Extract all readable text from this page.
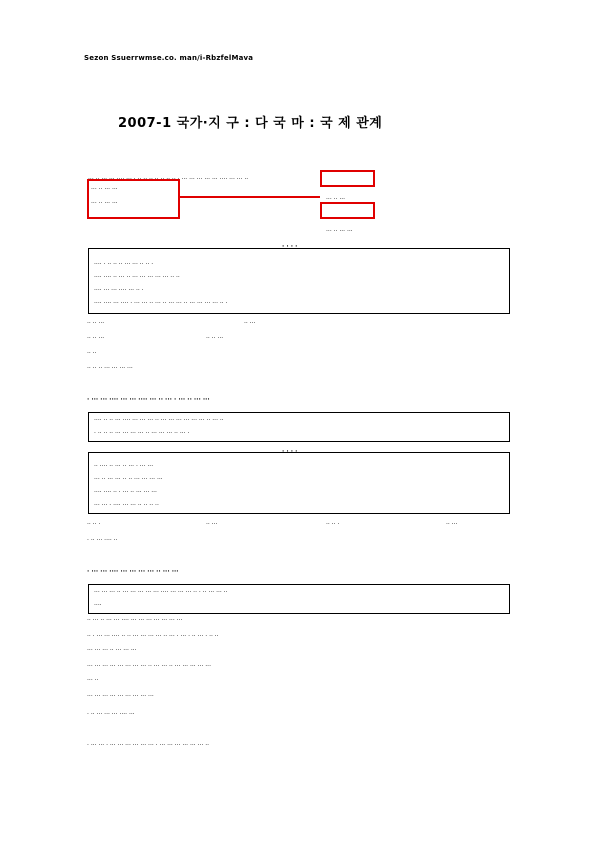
Sezon Ssuerrwmse.co. man/i-RbzfelMava
2007-1 국가·지 구 : 다 국 마 : 국 제 관계
··· ·· ··· ··· ···· ··· · ·· ·· ·· ·· ·· ·· ·· · ··· ··· ··· ··· ··· ···· ··· ··· ··
··· ·· ··· ···
··· ·· ··· ···
··· ·· ···
··· ·· ··· ···
· · · ·
···· · ·· ·· ·· ··· ··· ·· ·· ·
···· ···· ·· ··· ·· ··· ··· ··· ··· ··· ·· ··
···· ··· ··· ···· ··· ·· ·
···· ···· ··· ···· · ··· ··· ·· ··· ·· ··· ··· ·· ··· ··· ··· ··· ·· ·
·· ·· ···	·· ···
·· ·· ···	·· ·· ···
·· ··
·· ·· ·· ··· ··· ··· ···
· ··· ··· ···· ··· ··· ···· ··· ·· ··· · ··· ·· ··· ···
···· ·· ·· ··· ···· ··· ··· ··· ·· ··· ··· ··· ··· ··· ··· ·· ··· ··
· ·· ·· ·· ··· ··· ··· ··· ·· ··· ··· ··· ·· ··· ·
· · · ·
·· ···· ·· ··· ·· ··· · ··· ···
··· ·· ··· ··· ·· ·· ··· ··· ··· ···
···· ···· ·· · ··· ·· ··· ··· ···
··· ··· · ···· ··· ··· ·· ·· ·· ··
·· ·· ·	·· ···	·· ·· ·	·· ···
· ·· ··· ···· ··
· ··· ··· ···· ··· ··· ··· ··· ·· ··· ···
··· ··· ··· ·· ··· ··· ··· ··· ··· ···· ··· ··· ··· ·· · ·· ··· ··· ··
····
·· ··· ·· ··· ··· ···· ··· ··· ··· ··· ··· ··· ···
·· · ··· ··· ···· ·· ·· ··· ··· ··· ··· ·· ··· · ··· · ·· ··· · ·· ··
··· ··· ··· ·· ··· ··· ···
··· ··· ··· ··· ··· ··· ··· ··· ·· ··· ··· ·· ··· ··· ··· ··· ···
··· ··
··· ··· ··· ··· ··· ··· ··· ··· ···
· ·· ··· ··· ··· ···· ···
· ··· ··· · ··· ··· ··· ··· ··· ··· · ··· ··· ··· ··· ··· ··· ··
